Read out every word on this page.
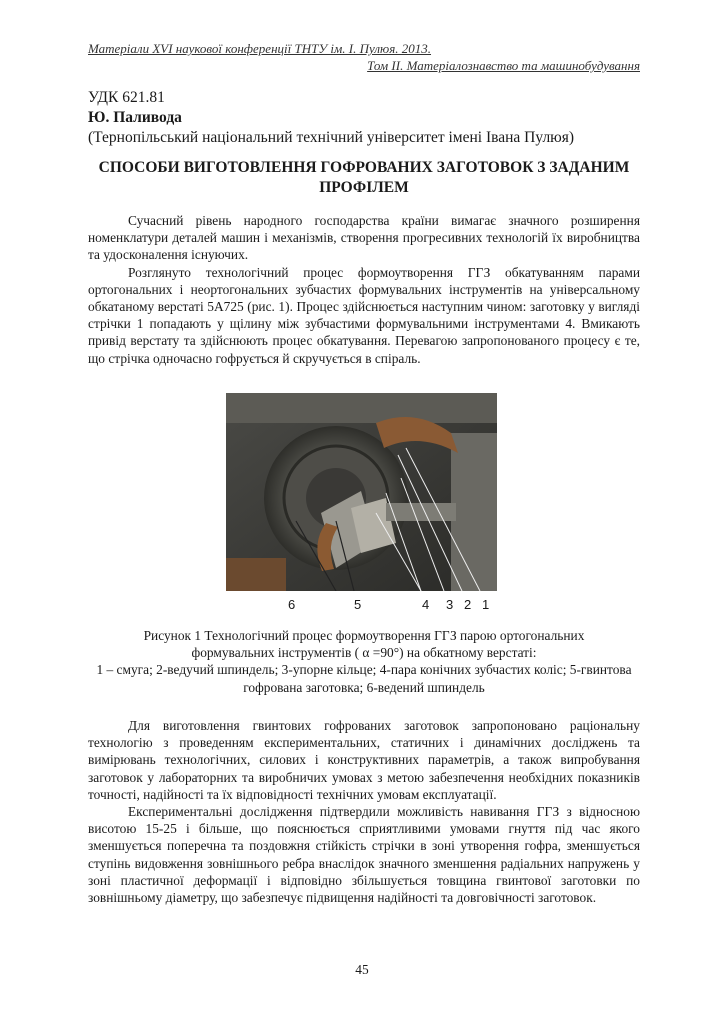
Матеріали XVІ наукової конференції ТНТУ ім. І. Пулюя. 2013.
Том ІІ. Матеріалознавство та машинобудування
УДК 621.81
Ю. Паливода
(Тернопільський національний технічний університет імені Івана Пулюя)
СПОСОБИ ВИГОТОВЛЕННЯ ГОФРОВАНИХ ЗАГОТОВОК З ЗАДАНИМ ПРОФІЛЕМ

Сучасний рівень народного господарства країни вимагає значного розширення номенклатури деталей машин і механізмів, створення прогресивних технологій їх виробництва та удосконалення існуючих.

Розглянуто технологічний процес формоутворення ГГЗ обкатуванням парами ортогональних і неортогональних зубчастих формувальних інструментів на універсальному обкатаному верстаті 5А725 (рис. 1). Процес здійснюється наступним чином: заготовку у вигляді стрічки 1 попадають у щілину між зубчастими формувальними інструментами 4. Вмикають привід верстату та здійснюють процес обкатування. Перевагою запропонованого процесу є те, що стрічка одночасно гофрується й скручується в спіраль.

6	5	4 3 2 1
Рисунок 1 Технологічний процес формоутворення ГГЗ парою ортогональних
формувальних інструментів ( α =90°) на обкатному верстаті:
1 – смуга; 2-ведучий шпиндель; 3-упорне кільце; 4-пара конічних зубчастих коліс; 5-гвинтова гофрована заготовка; 6-ведений шпиндель

Для виготовлення гвинтових гофрованих заготовок запропоновано раціональну технологію з проведенням експериментальних, статичних і динамічних досліджень та вимірювань технологічних, силових і конструктивних параметрів, а також випробування заготовок у лабораторних та виробничих умовах з метою забезпечення необхідних показників точності, надійності та їх відповідності технічних умовам експлуатації.

Експериментальні дослідження підтвердили можливість навивання ГГЗ з відносною висотою 15-25 і більше, що пояснюється сприятливими умовами гнуття під час якого зменшується поперечна та поздовжня стійкість стрічки в зоні утворення гофра, зменшується ступінь видовження зовнішнього ребра внаслідок значного зменшення радіальних напружень у зоні пластичної деформації і відповідно збільшується товщина гвинтової заготовки по зовнішньому діаметру, що забезпечує підвищення надійності та довговічності заготовок.

45
